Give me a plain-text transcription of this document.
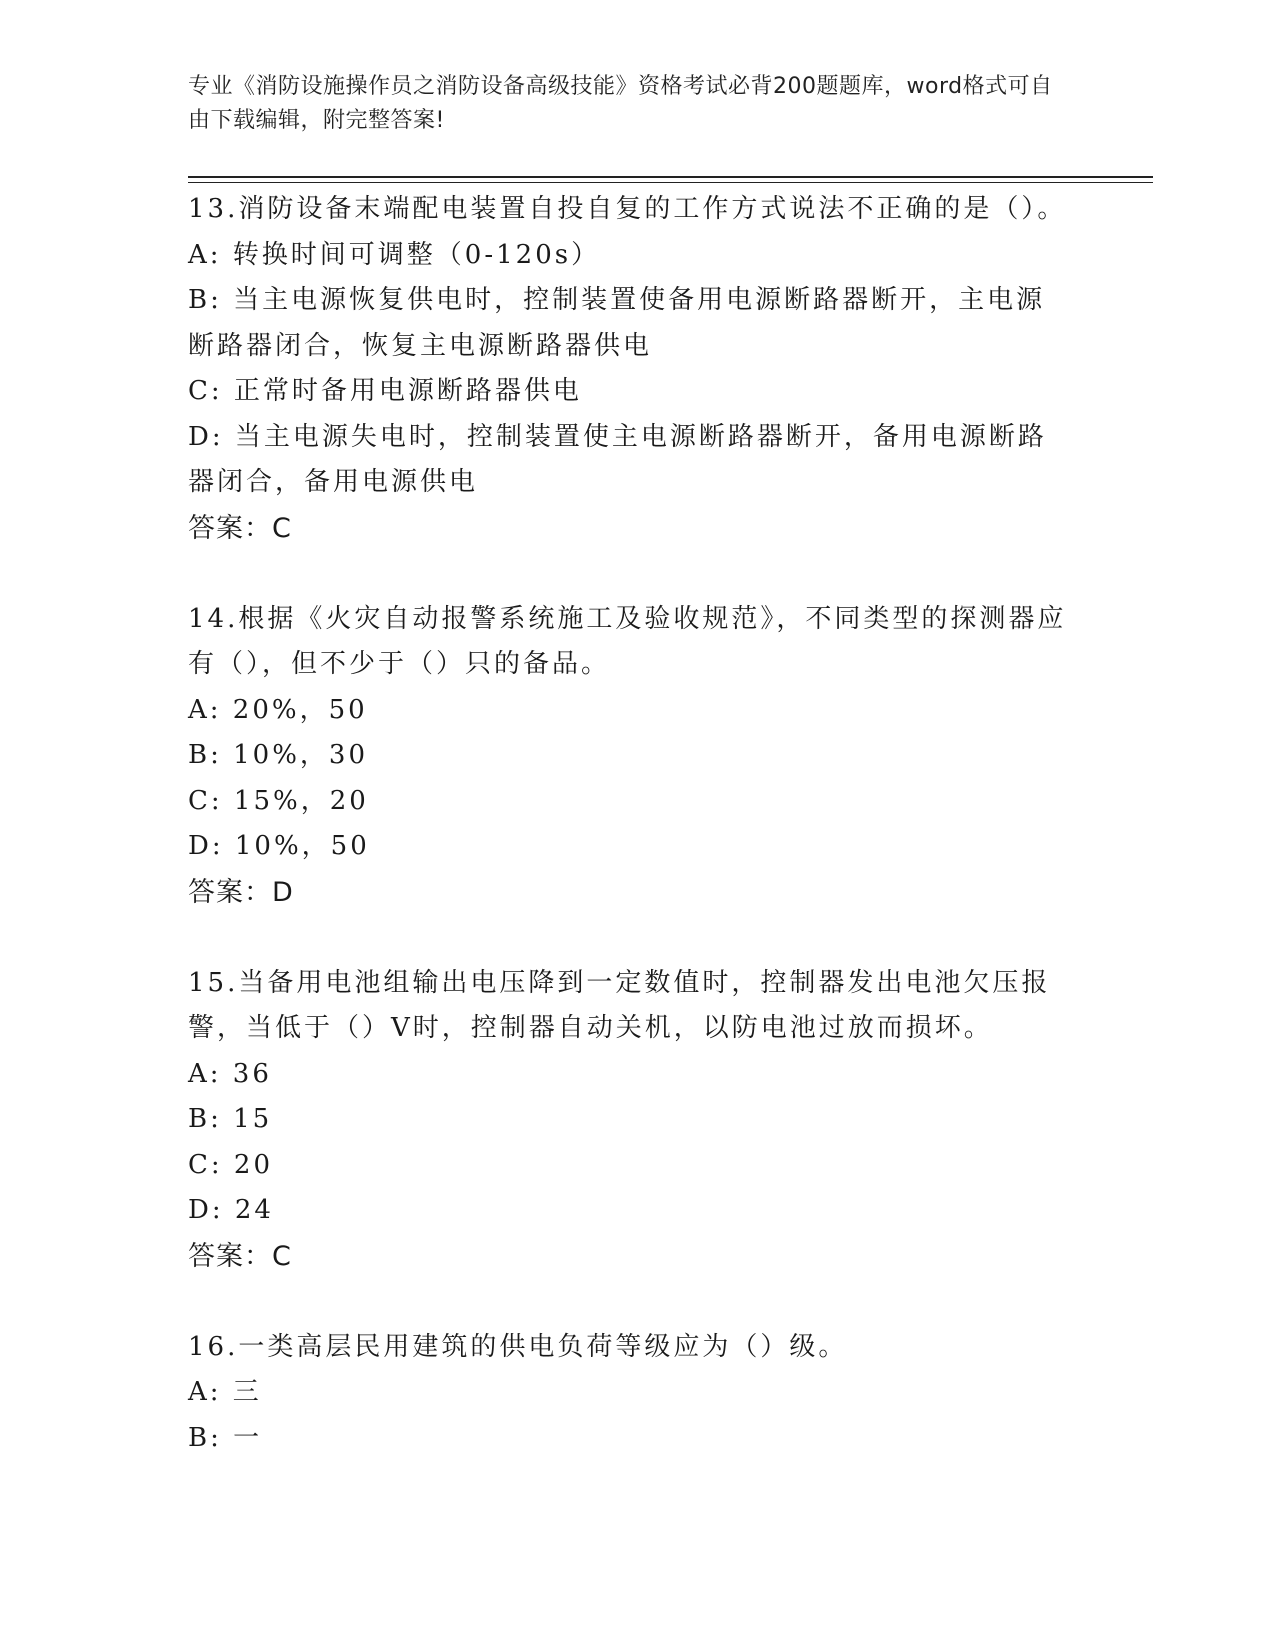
专业《消防设施操作员之消防设备高级技能》资格考试必背200题题库，word格式可自由下载编辑，附完整答案!

13.消防设备末端配电装置自投自复的工作方式说法不正确的是（）。

A: 转换时间可调整（0-120s）

B: 当主电源恢复供电时，控制装置使备用电源断路器断开，主电源断路器闭合，恢复主电源断路器供电

C: 正常时备用电源断路器供电

D: 当主电源失电时，控制装置使主电源断路器断开，备用电源断路器闭合，备用电源供电

答案：C

14.根据《火灾自动报警系统施工及验收规范》，不同类型的探测器应有（），但不少于（）只的备品。

A: 20%，50

B: 10%，30

C: 15%，20

D: 10%，50

答案：D

15.当备用电池组输出电压降到一定数值时，控制器发出电池欠压报警，当低于（）V时，控制器自动关机，以防电池过放而损坏。

A: 36

B: 15

C: 20

D: 24

答案：C

16.一类高层民用建筑的供电负荷等级应为（）级。

A: 三

B: 一
